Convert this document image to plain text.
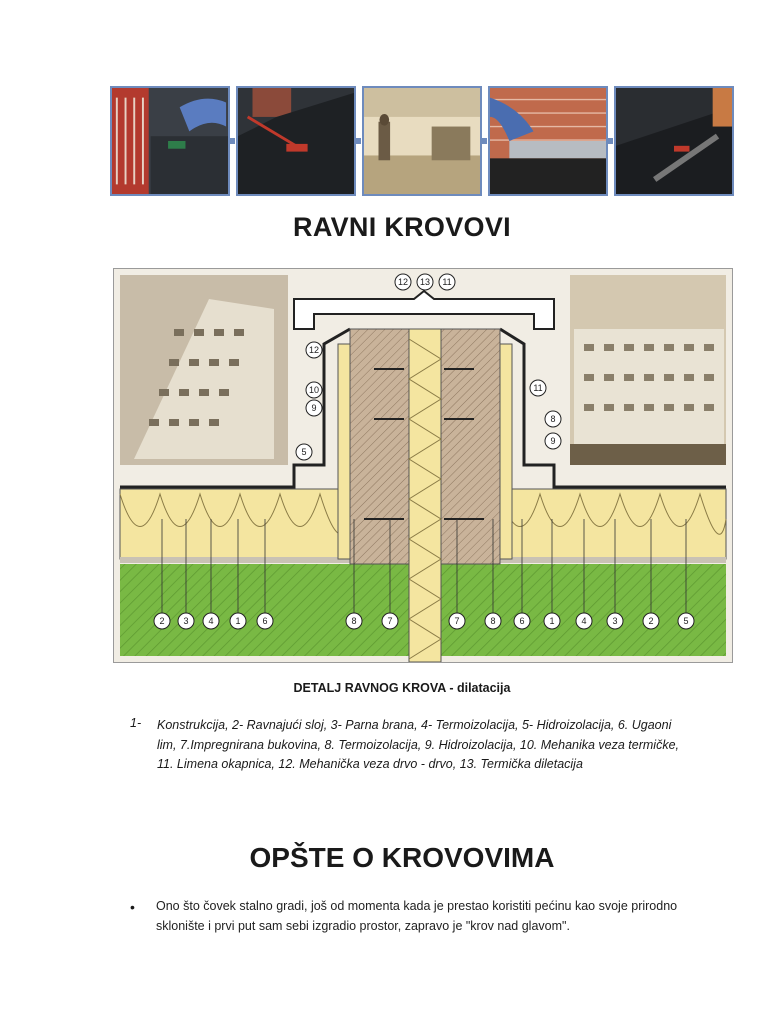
RAVNI KROVOVI
12 13 11
12
10
9
5
11
8
9
2 3 4 1 6	8	7	7	8	6	1	4	3	2	5
DETALJ RAVNOG KROVA - dilatacija
1- Konstrukcija, 2- Ravnajući sloj, 3- Parna brana, 4- Termoizolacija, 5- Hidroizolacija, 6. Ugaoni lim, 7.Impregnirana bukovina, 8. Termoizolacija, 9. Hidroizolacija, 10. Mehanika veza termičke, 11. Limena okapnica, 12. Mehanička veza drvo - drvo, 13. Termička diletacija
OPŠTE O KROVOVIMA
• Ono što čovek stalno gradi, još od momenta kada je prestao koristiti pećinu kao svoje prirodno sklonište i prvi put sam sebi izgradio prostor, zapravo je "krov nad glavom".
